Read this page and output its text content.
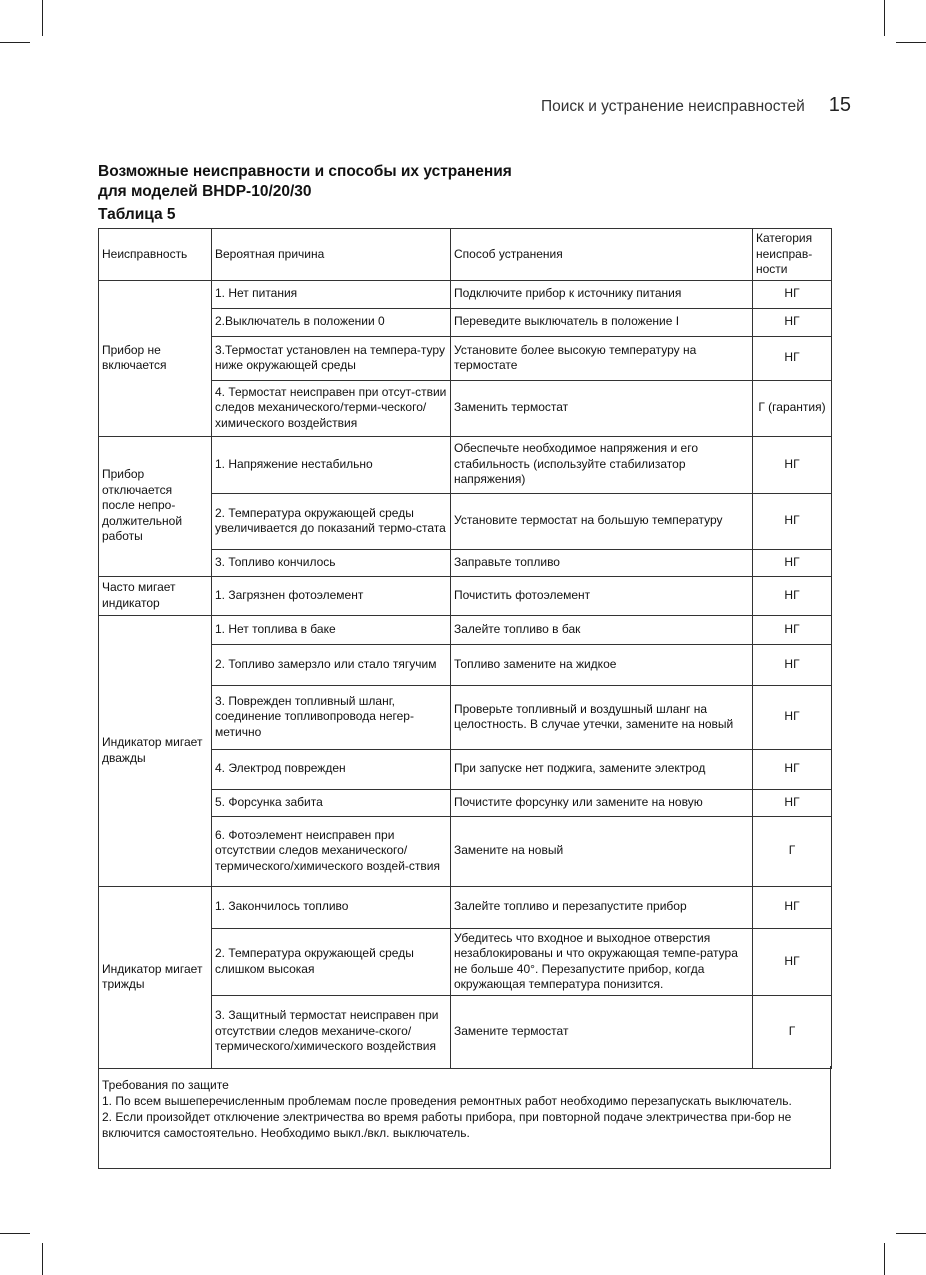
Поиск и устранение неисправностей 15
Возможные неисправности и способы их устранения
для моделей BHDP-10/20/30
Таблица 5
Неисправность	Вероятная причина	Способ устранения	Категория неисправ-ности
Прибор не включается	1. Нет питания	Подключите прибор к источнику питания	НГ
	2.Выключатель в положении 0	Переведите выключатель в положение I	НГ
	3.Термостат установлен на темпера-туру ниже окружающей среды	Установите более высокую температуру на термостате	НГ
	4. Термостат неисправен при отсут-ствии следов механического/терми-ческого/химического воздействия	Заменить термостат	Г (гарантия)
Прибор отключается после непро-должительной работы	1. Напряжение нестабильно	Обеспечьте необходимое напряжения и его стабильность (используйте стабилизатор напряжения)	НГ
	2. Температура окружающей среды увеличивается до показаний термо-стата	Установите термостат на большую температуру	НГ
	3. Топливо кончилось	Заправьте топливо	НГ
Часто мигает индикатор	1. Загрязнен фотоэлемент	Почистить фотоэлемент	НГ
Индикатор мигает дважды	1. Нет топлива в баке	Залейте топливо в бак	НГ
	2. Топливо замерзло или стало тягучим	Топливо замените на жидкое	НГ
	3. Поврежден топливный шланг, соединение топливопровода негер-метично	Проверьте топливный и воздушный шланг на целостность. В случае утечки, замените на новый	НГ
	4. Электрод поврежден	При запуске нет поджига, замените электрод	НГ
	5. Форсунка забита	Почистите форсунку или замените на новую	НГ
	6. Фотоэлемент неисправен при отсутствии следов механического/ термического/химического воздей-ствия	Замените на новый	Г
Индикатор мигает трижды	1. Закончилось топливо	Залейте топливо и перезапустите прибор	НГ
	2. Температура окружающей среды слишком высокая	Убедитесь что входное и выходное отверстия незаблокированы и что окружающая темпе-ратура не больше 40°. Перезапустите прибор, когда окружающая температура понизится.	НГ
	3. Защитный термостат неисправен при отсутствии следов механиче-ского/термического/химического воздействия	Замените термостат	Г
Требования по защите
1. По всем вышеперечисленным проблемам после проведения ремонтных работ необходимо перезапускать выключатель.
2. Если произойдет отключение электричества во время работы прибора, при повторной подаче электричества при-бор не включится самостоятельно. Необходимо выкл./вкл. выключатель.
